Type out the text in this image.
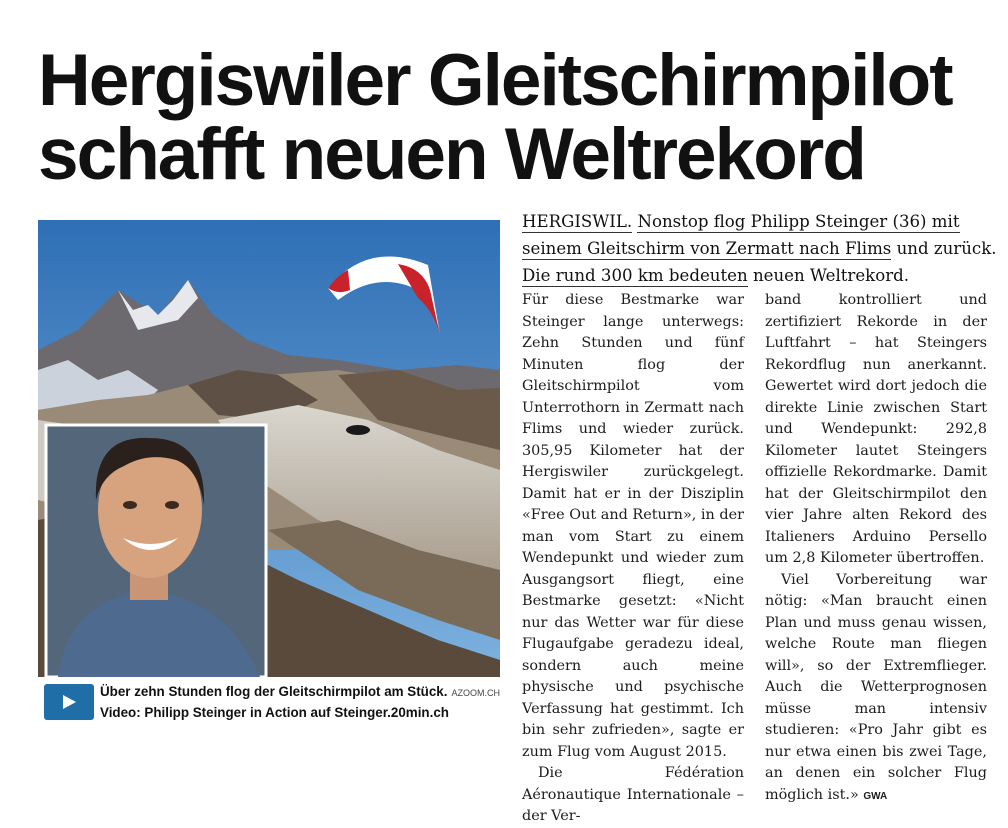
Hergiswiler Gleitschirmpilot
schafft neuen Weltrekord
Über zehn Stunden flog der Gleitschirmpilot am Stück. AZOOM.CH
Video: Philipp Steinger in Action auf Steinger.20min.ch
HERGISWIL. Nonstop flog Philipp Steinger (36) mit
seinem Gleitschirm von Zermatt nach Flims und zurück.
Die rund 300 km bedeuten neuen Weltrekord.

Für diese Bestmarke war Steinger lange unterwegs: Zehn Stunden und fünf Minuten flog der Gleitschirmpilot vom Unterrothorn in Zermatt nach Flims und wieder zurück. 305,95 Kilometer hat der Hergiswiler zurückgelegt. Damit hat er in der Disziplin «Free Out and Return», in der man vom Start zu einem Wendepunkt und wieder zum Ausgangsort fliegt, eine Bestmarke gesetzt: «Nicht nur das Wetter war für diese Flugaufgabe geradezu ideal, sondern auch meine physische und psychische Verfassung hat gestimmt. Ich bin sehr zufrieden», sagte er zum Flug vom August 2015.

Die Fédération Aéronautique Internationale – der Ver-

band kontrolliert und zertifiziert Rekorde in der Luftfahrt – hat Steingers Rekordflug nun anerkannt. Gewertet wird dort jedoch die direkte Linie zwischen Start und Wendepunkt: 292,8 Kilometer lautet Steingers offizielle Rekordmarke. Damit hat der Gleitschirmpilot den vier Jahre alten Rekord des Italieners Arduino Persello um 2,8 Kilometer übertroffen.

Viel Vorbereitung war nötig: «Man braucht einen Plan und muss genau wissen, welche Route man fliegen will», so der Extremflieger. Auch die Wetterprognosen müsse man intensiv studieren: «Pro Jahr gibt es nur etwa einen bis zwei Tage, an denen ein solcher Flug möglich ist.» GWA
